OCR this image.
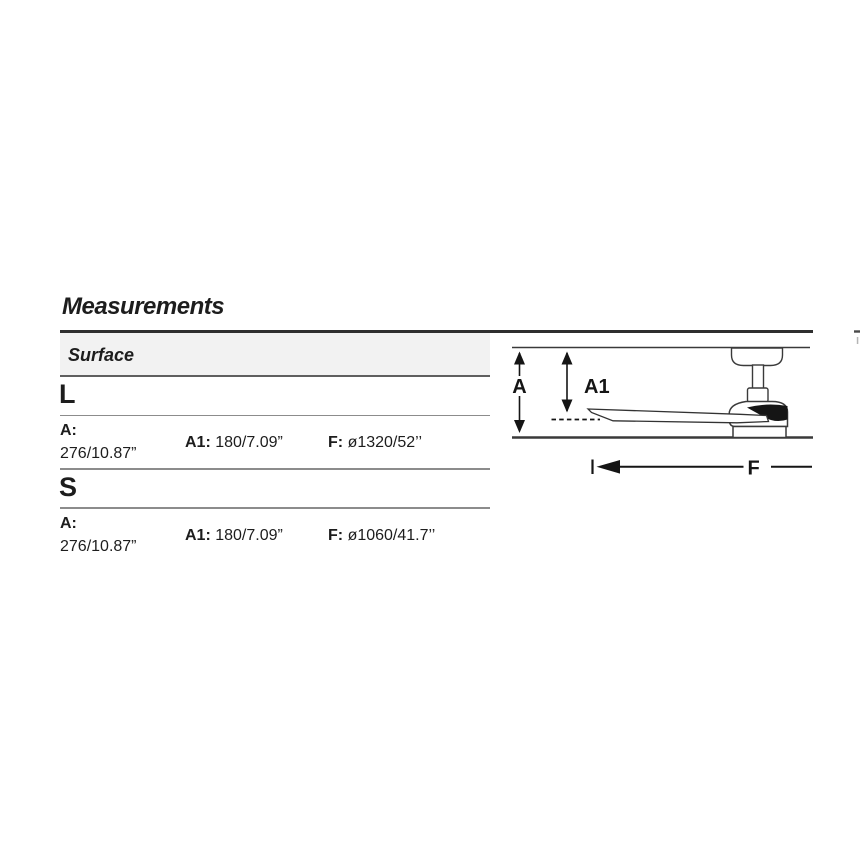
Measurements
Surface
L
A:
276/10.87”
A1: 180/7.09”	F: ø1320/52’’
S
A:
276/10.87”
A1: 180/7.09”	F: ø1060/41.7’’
A	A1
F
